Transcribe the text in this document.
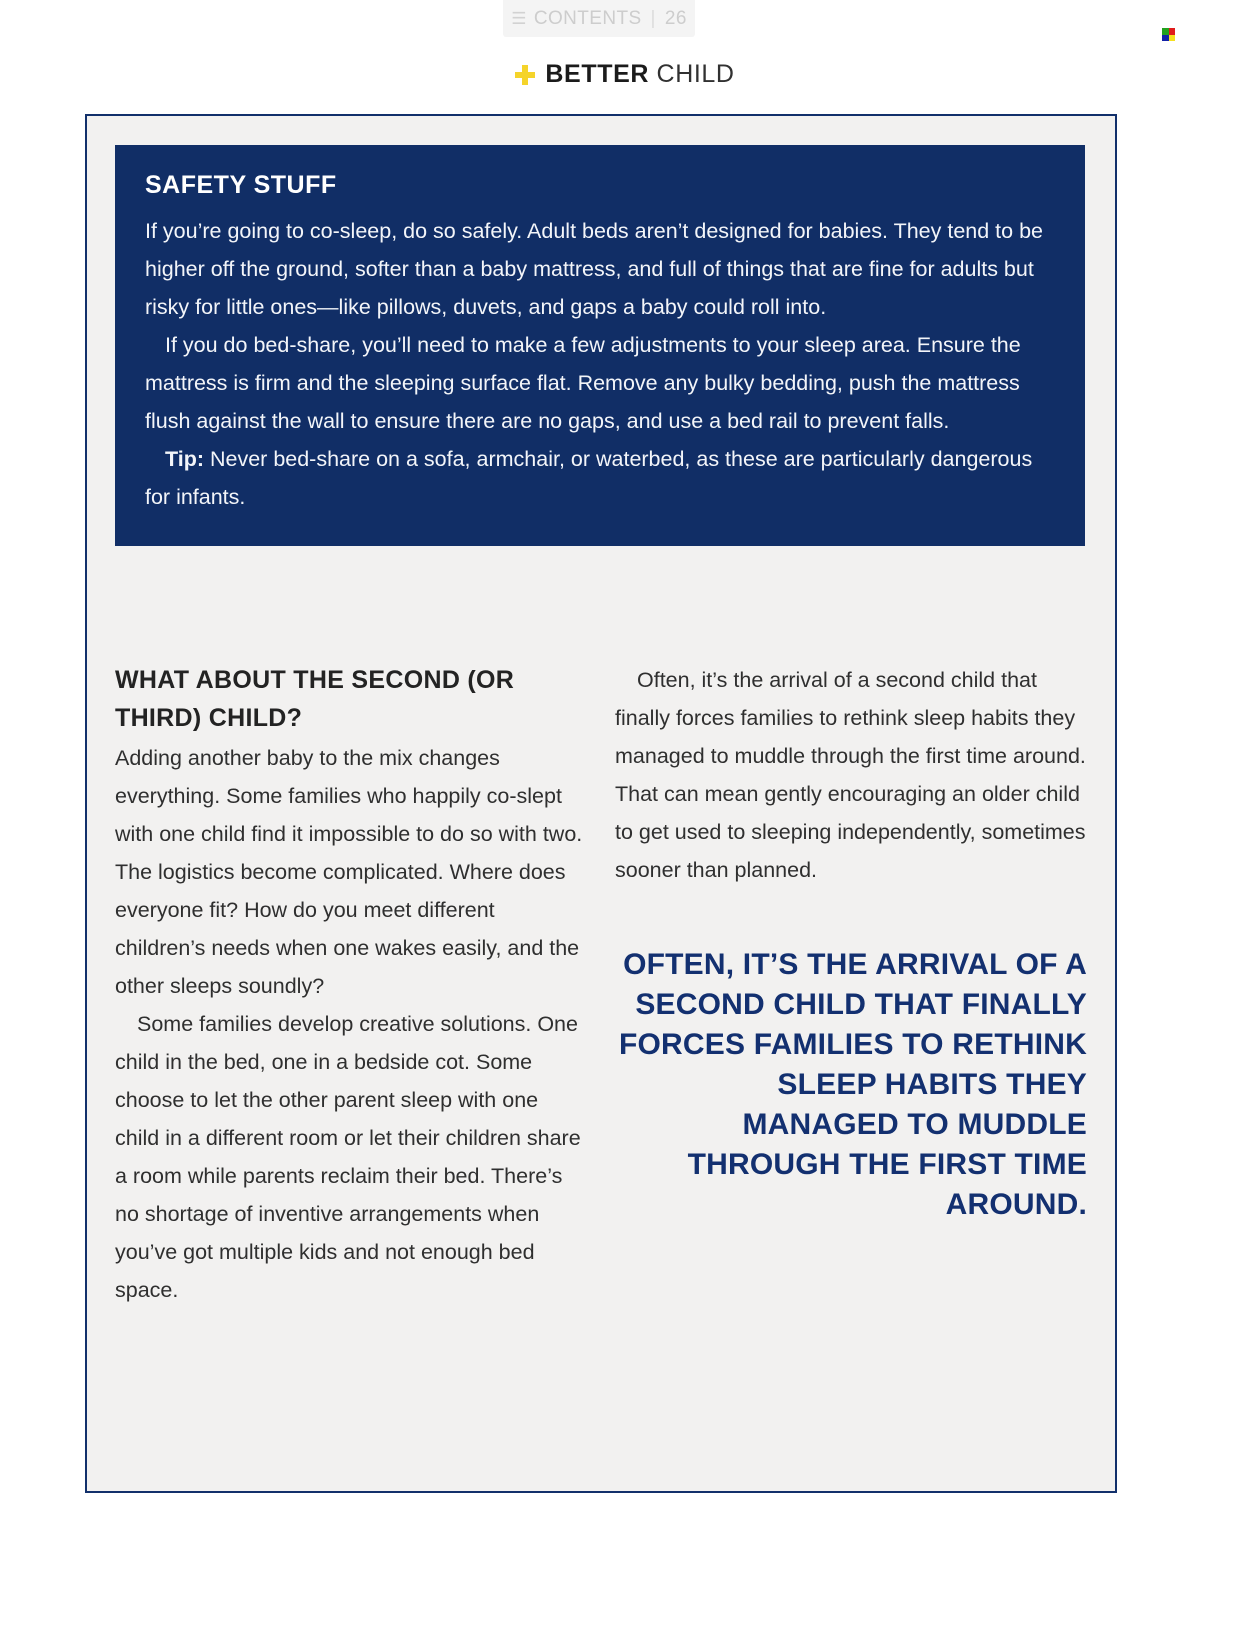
☰ CONTENTS | 26
BETTER CHILD
SAFETY STUFF

If you’re going to co-sleep, do so safely. Adult beds aren’t designed for babies. They tend to be higher off the ground, softer than a baby mattress, and full of things that are fine for adults but risky for little ones—like pillows, duvets, and gaps a baby could roll into.

If you do bed-share, you’ll need to make a few adjustments to your sleep area. Ensure the mattress is firm and the sleeping surface flat. Remove any bulky bedding, push the mattress flush against the wall to ensure there are no gaps, and use a bed rail to prevent falls.

Tip: Never bed-share on a sofa, armchair, or waterbed, as these are particularly dangerous for infants.

WHAT ABOUT THE SECOND (OR THIRD) CHILD?

Adding another baby to the mix changes everything. Some families who happily co-slept with one child find it impossible to do so with two. The logistics become complicated. Where does everyone fit? How do you meet different children’s needs when one wakes easily, and the other sleeps soundly?

Some families develop creative solutions. One child in the bed, one in a bedside cot. Some choose to let the other parent sleep with one child in a different room or let their children share a room while parents reclaim their bed. There’s no shortage of inventive arrangements when you’ve got multiple kids and not enough bed space.

Often, it’s the arrival of a second child that finally forces families to rethink sleep habits they managed to muddle through the first time around. That can mean gently encouraging an older child to get used to sleeping independently, sometimes sooner than planned.

OFTEN, IT’S THE ARRIVAL OF A SECOND CHILD THAT FINALLY FORCES FAMILIES TO RETHINK SLEEP HABITS THEY MANAGED TO MUDDLE THROUGH THE FIRST TIME AROUND.
